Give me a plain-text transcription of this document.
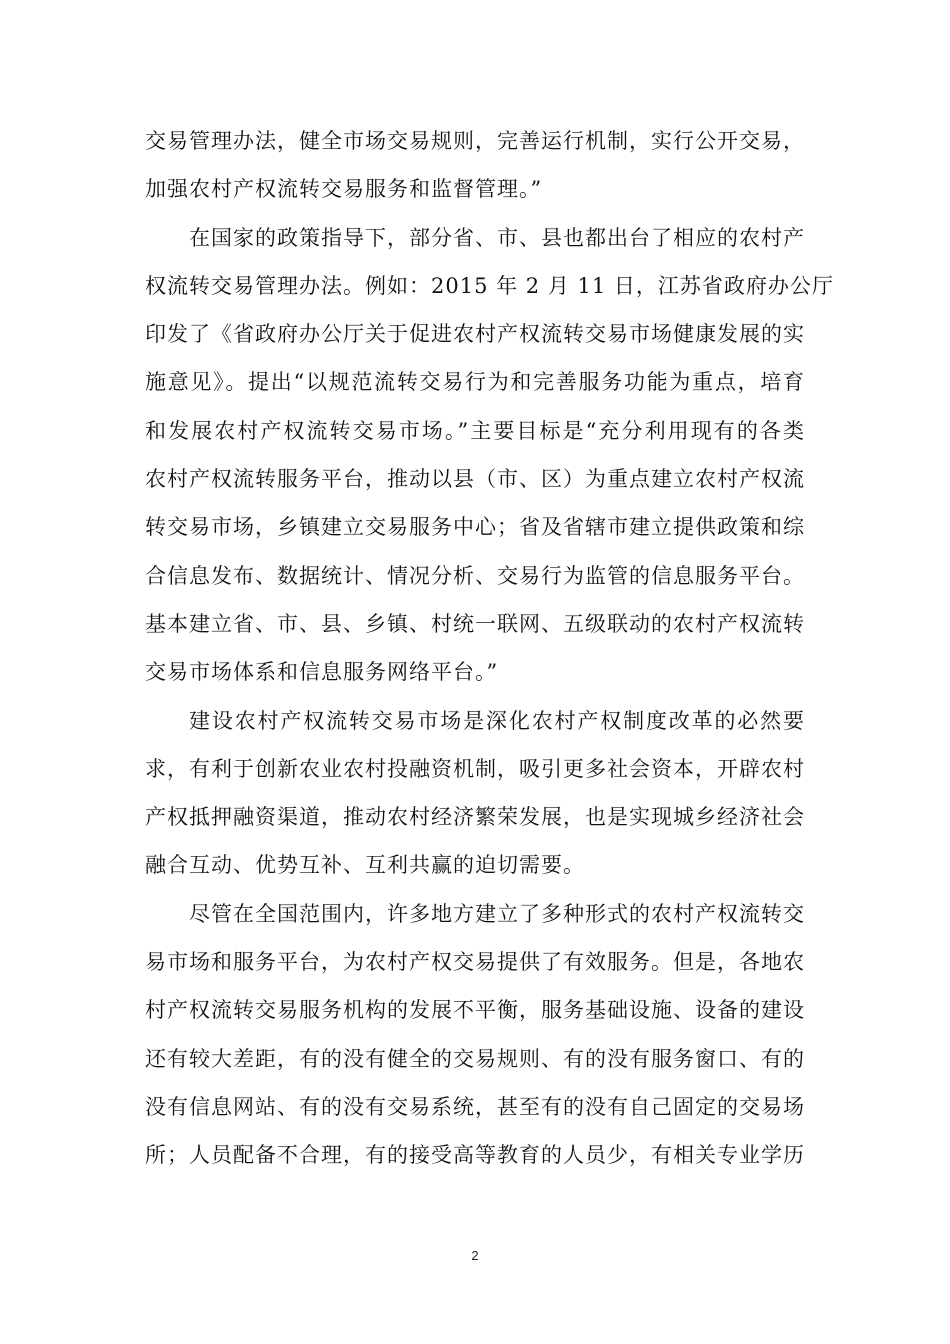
交易管理办法，健全市场交易规则，完善运行机制，实行公开交易，
加强农村产权流转交易服务和监督管理。”
在国家的政策指导下，部分省、市、县也都出台了相应的农村产
权流转交易管理办法。例如：2015 年 2 月 11 日，江苏省政府办公厅
印发了《省政府办公厅关于促进农村产权流转交易市场健康发展的实
施意见》。提出“以规范流转交易行为和完善服务功能为重点，培育
和发展农村产权流转交易市场。”主要目标是“充分利用现有的各类
农村产权流转服务平台，推动以县（市、区）为重点建立农村产权流
转交易市场，乡镇建立交易服务中心；省及省辖市建立提供政策和综
合信息发布、数据统计、情况分析、交易行为监管的信息服务平台。
基本建立省、市、县、乡镇、村统一联网、五级联动的农村产权流转
交易市场体系和信息服务网络平台。”
建设农村产权流转交易市场是深化农村产权制度改革的必然要
求，有利于创新农业农村投融资机制，吸引更多社会资本，开辟农村
产权抵押融资渠道，推动农村经济繁荣发展，也是实现城乡经济社会
融合互动、优势互补、互利共赢的迫切需要。
尽管在全国范围内，许多地方建立了多种形式的农村产权流转交
易市场和服务平台，为农村产权交易提供了有效服务。但是，各地农
村产权流转交易服务机构的发展不平衡，服务基础设施、设备的建设
还有较大差距，有的没有健全的交易规则、有的没有服务窗口、有的
没有信息网站、有的没有交易系统，甚至有的没有自己固定的交易场
所；人员配备不合理，有的接受高等教育的人员少，有相关专业学历
2
